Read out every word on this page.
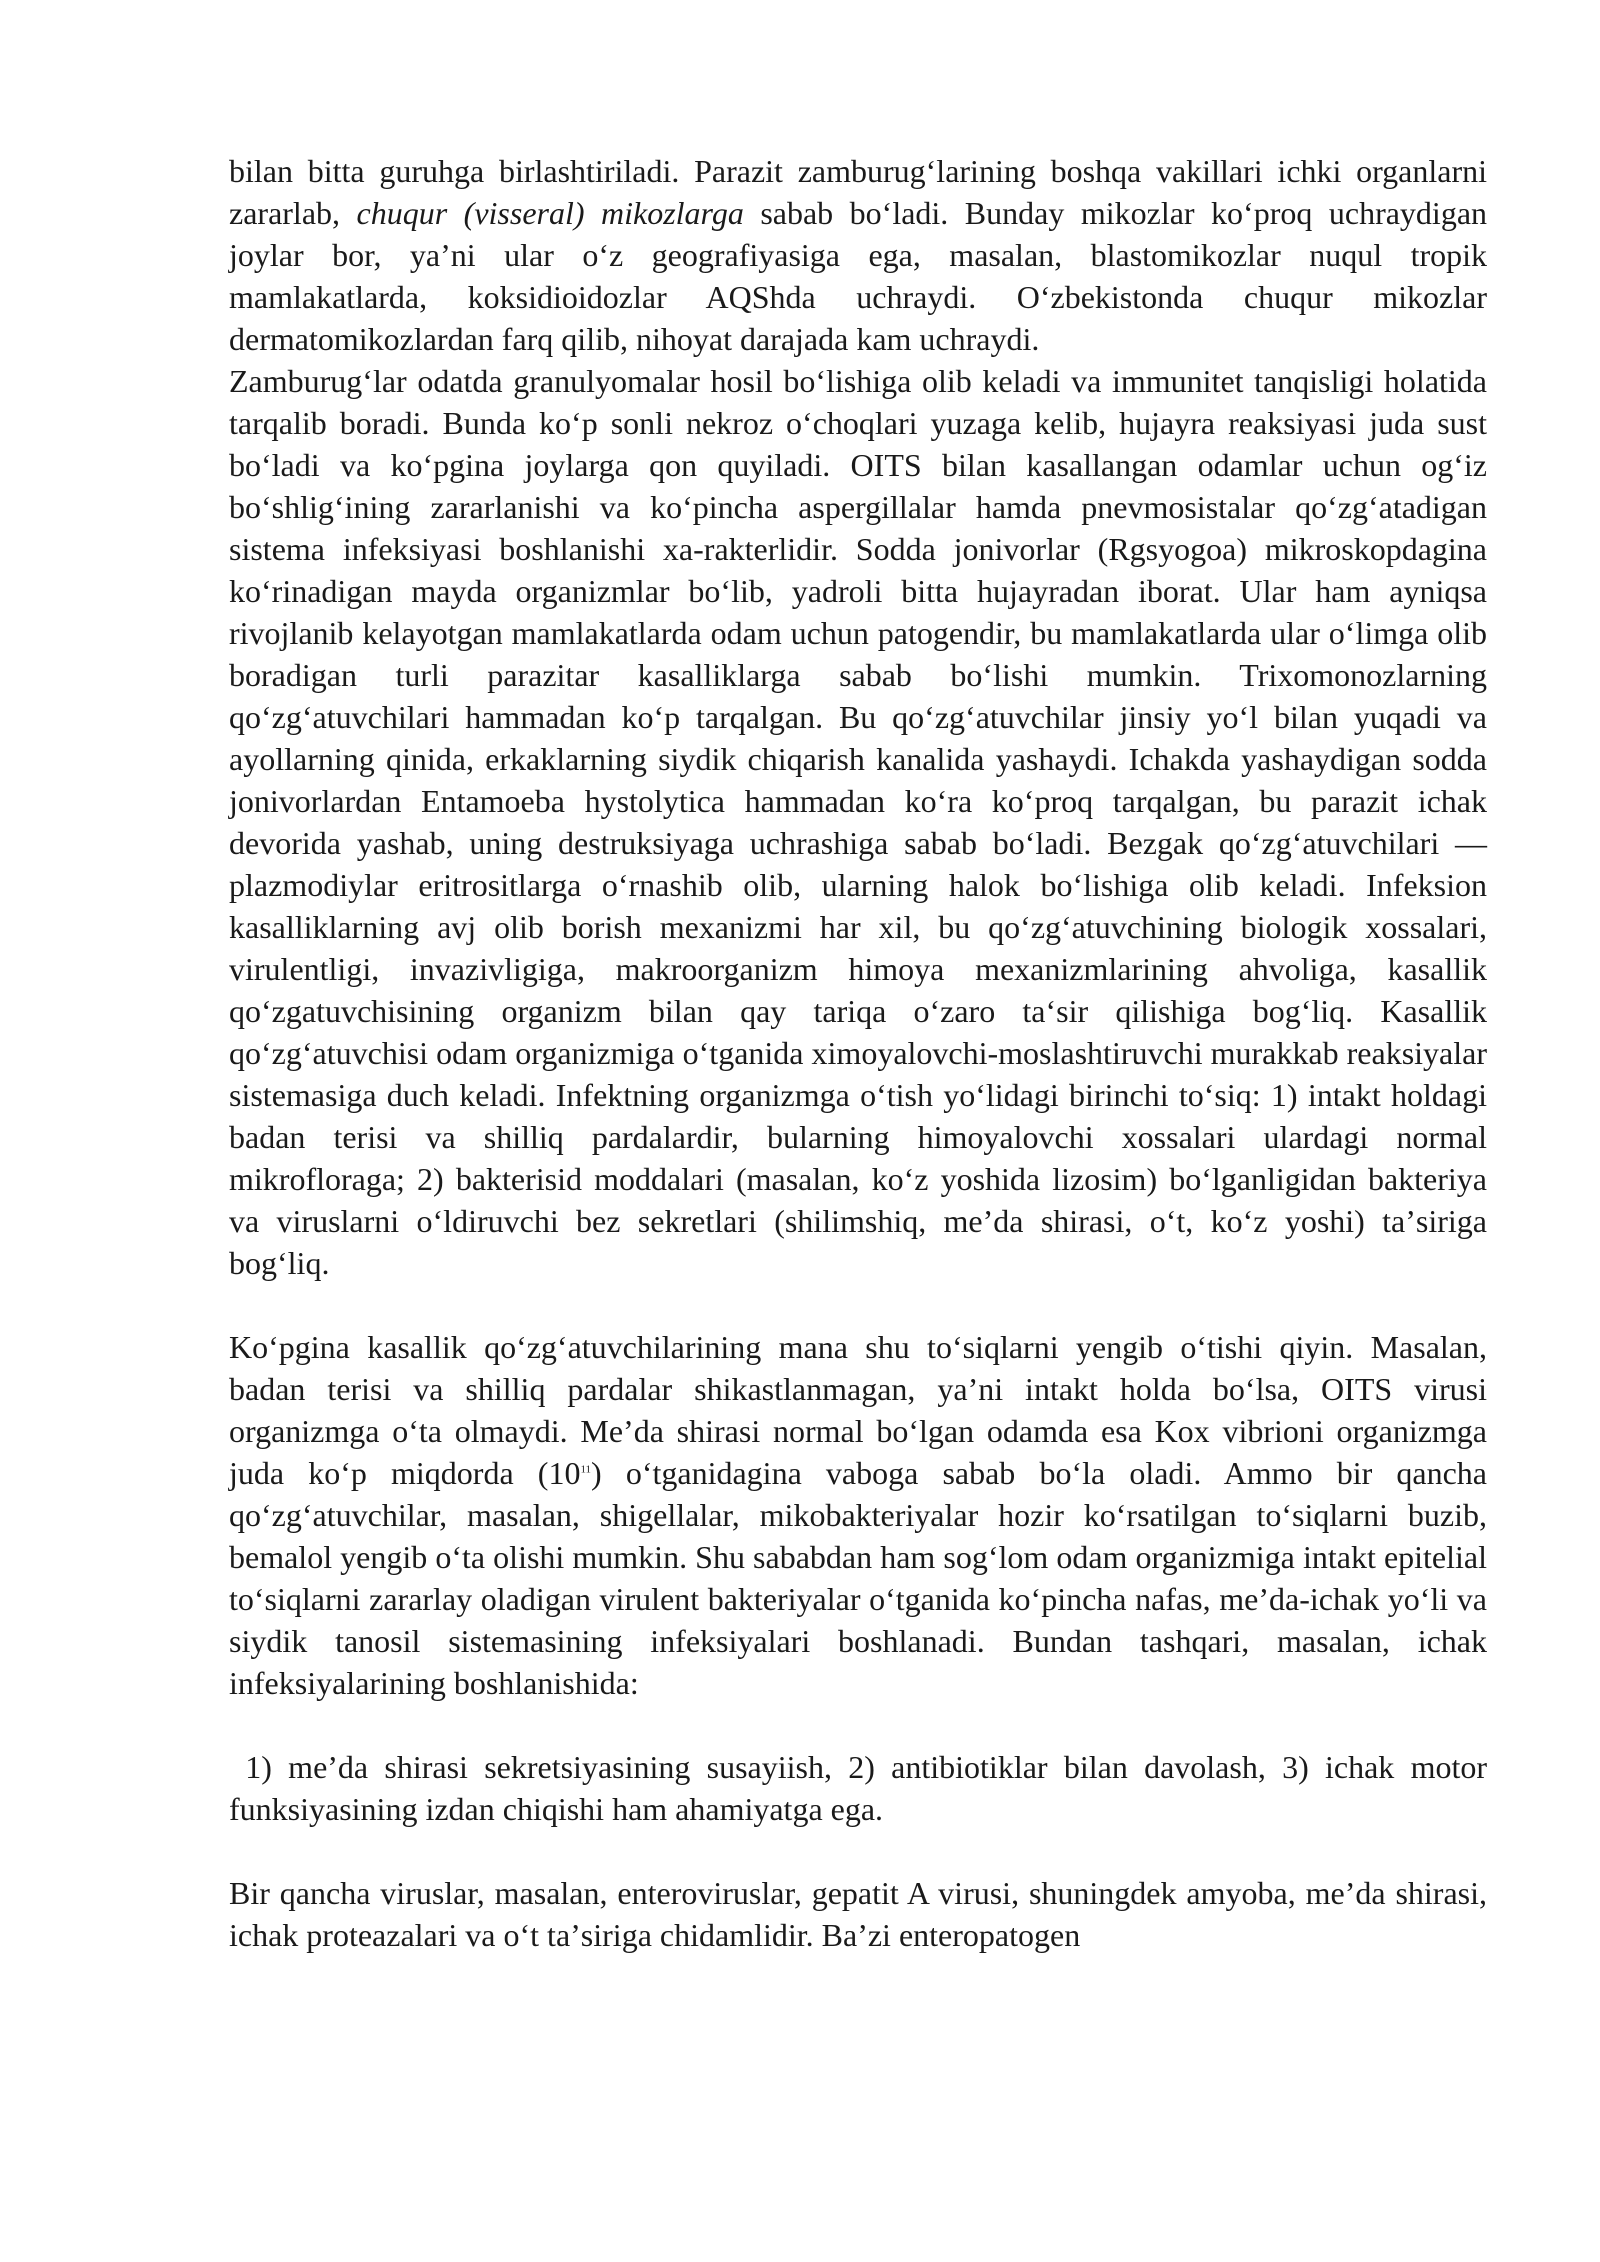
bilan bitta guruhga birlashtiriladi. Parazit zamburugʻlarining boshqa vakillari ichki organlarni zararlab, chuqur (visseral) mikozlarga sabab boʻladi. Bunday mikozlar koʻproq uchraydigan joylar bor, yaʼni ular oʻz geografiyasiga ega, masalan, blastomikozlar nuqul tropik mamlakatlarda, koksidioidozlar AQShda uchraydi. Oʻzbekistonda chuqur mikozlar dermatomikozlardan farq qilib, nihoyat darajada kam uchraydi.

Zamburugʻlar odatda granulyomalar hosil boʻlishiga olib keladi va immunitet tanqisligi holatida tarqalib boradi. Bunda koʻp sonli nekroz oʻchoqlari yuzaga kelib, hujayra reaksiyasi juda sust boʻladi va koʻpgina joylarga qon quyiladi. OITS bilan kasallangan odamlar uchun ogʻiz boʻshligʻining zararlanishi va koʻpincha aspergillalar hamda pnevmosistalar qoʻzgʻatadigan sistema infeksiyasi boshlanishi xa-rakterlidir. Sodda jonivorlar (Rgsyogoa) mikroskopdagina koʻrinadigan mayda organizmlar boʻlib, yadroli bitta hujayradan iborat. Ular ham ayniqsa rivojlanib kelayotgan mamlakatlarda odam uchun patogendir, bu mamlakatlarda ular oʻlimga olib boradigan turli parazitar kasalliklarga sabab boʻlishi mumkin. Trixomonozlarning qoʻzgʻatuvchilari hammadan koʻp tarqalgan. Bu qoʻzgʻatuvchilar jinsiy yoʻl bilan yuqadi va ayollarning qinida, erkaklarning siydik chiqarish kanalida yashaydi. Ichakda yashaydigan sodda jonivorlardan Entamoeba hystolytica hammadan koʻra koʻproq tarqalgan, bu parazit ichak devorida yashab, uning destruksiyaga uchrashiga sabab boʻladi. Bezgak qoʻzgʻatuvchilari — plazmodiylar eritrositlarga oʻrnashib olib, ularning halok boʻlishiga olib keladi. Infeksion kasalliklarning avj olib borish mexanizmi har xil, bu qoʻzgʻatuvchining biologik xossalari, virulentligi, invazivligiga, makroorganizm himoya mexanizmlarining ahvoliga, kasallik qoʻzgatuvchisining organizm bilan qay tariqa oʻzaro taʻsir qilishiga bogʻliq. Kasallik qoʻzgʻatuvchisi odam organizmiga oʻtganida ximoyalovchi-moslashtiruvchi murakkab reaksiyalar sistemasiga duch keladi. Infektning organizmga oʻtish yoʻlidagi birinchi toʻsiq: 1) intakt holdagi badan terisi va shilliq pardalardir, bularning himoyalovchi xossalari ulardagi normal mikrofloraga; 2) bakterisid moddalari (masalan, koʻz yoshida lizosim) boʻlganligidan bakteriya va viruslarni oʻldiruvchi bez sekretlari (shilimshiq, meʼda shirasi, oʻt, koʻz yoshi) taʼsiriga bogʻliq.

Koʻpgina kasallik qoʻzgʻatuvchilarining mana shu toʻsiqlarni yengib oʻtishi qiyin. Masalan, badan terisi va shilliq pardalar shikastlanmagan, yaʼni intakt holda boʻlsa, OITS virusi organizmga oʻta olmaydi. Meʼda shirasi normal boʻlgan odamda esa Kox vibrioni organizmga juda koʻp miqdorda $(10^{11})$ oʻtganidagina vaboga sabab boʻla oladi. Ammo bir qancha qoʻzgʻatuvchilar, masalan, shigellalar, mikobakteriyalar hozir koʻrsatilgan toʻsiqlarni buzib, bemalol yengib oʻta olishi mumkin. Shu sababdan ham sogʻlom odam organizmiga intakt epitelial toʻsiqlarni zararlay oladigan virulent bakteriyalar oʻtganida koʻpincha nafas, meʼda-ichak yoʻli va siydik tanosil sistemasining infeksiyalari boshlanadi. Bundan tashqari, masalan, ichak infeksiyalarining boshlanishida:

1) meʼda shirasi sekretsiyasining susayiish, 2) antibiotiklar bilan davolash, 3) ichak motor funksiyasining izdan chiqishi ham ahamiyatga ega.

Bir qancha viruslar, masalan, enteroviruslar, gepatit A virusi, shuningdek amyoba, meʼda shirasi, ichak proteazalari va oʻt taʼsiriga chidamlidir. Baʼzi enteropatogen
